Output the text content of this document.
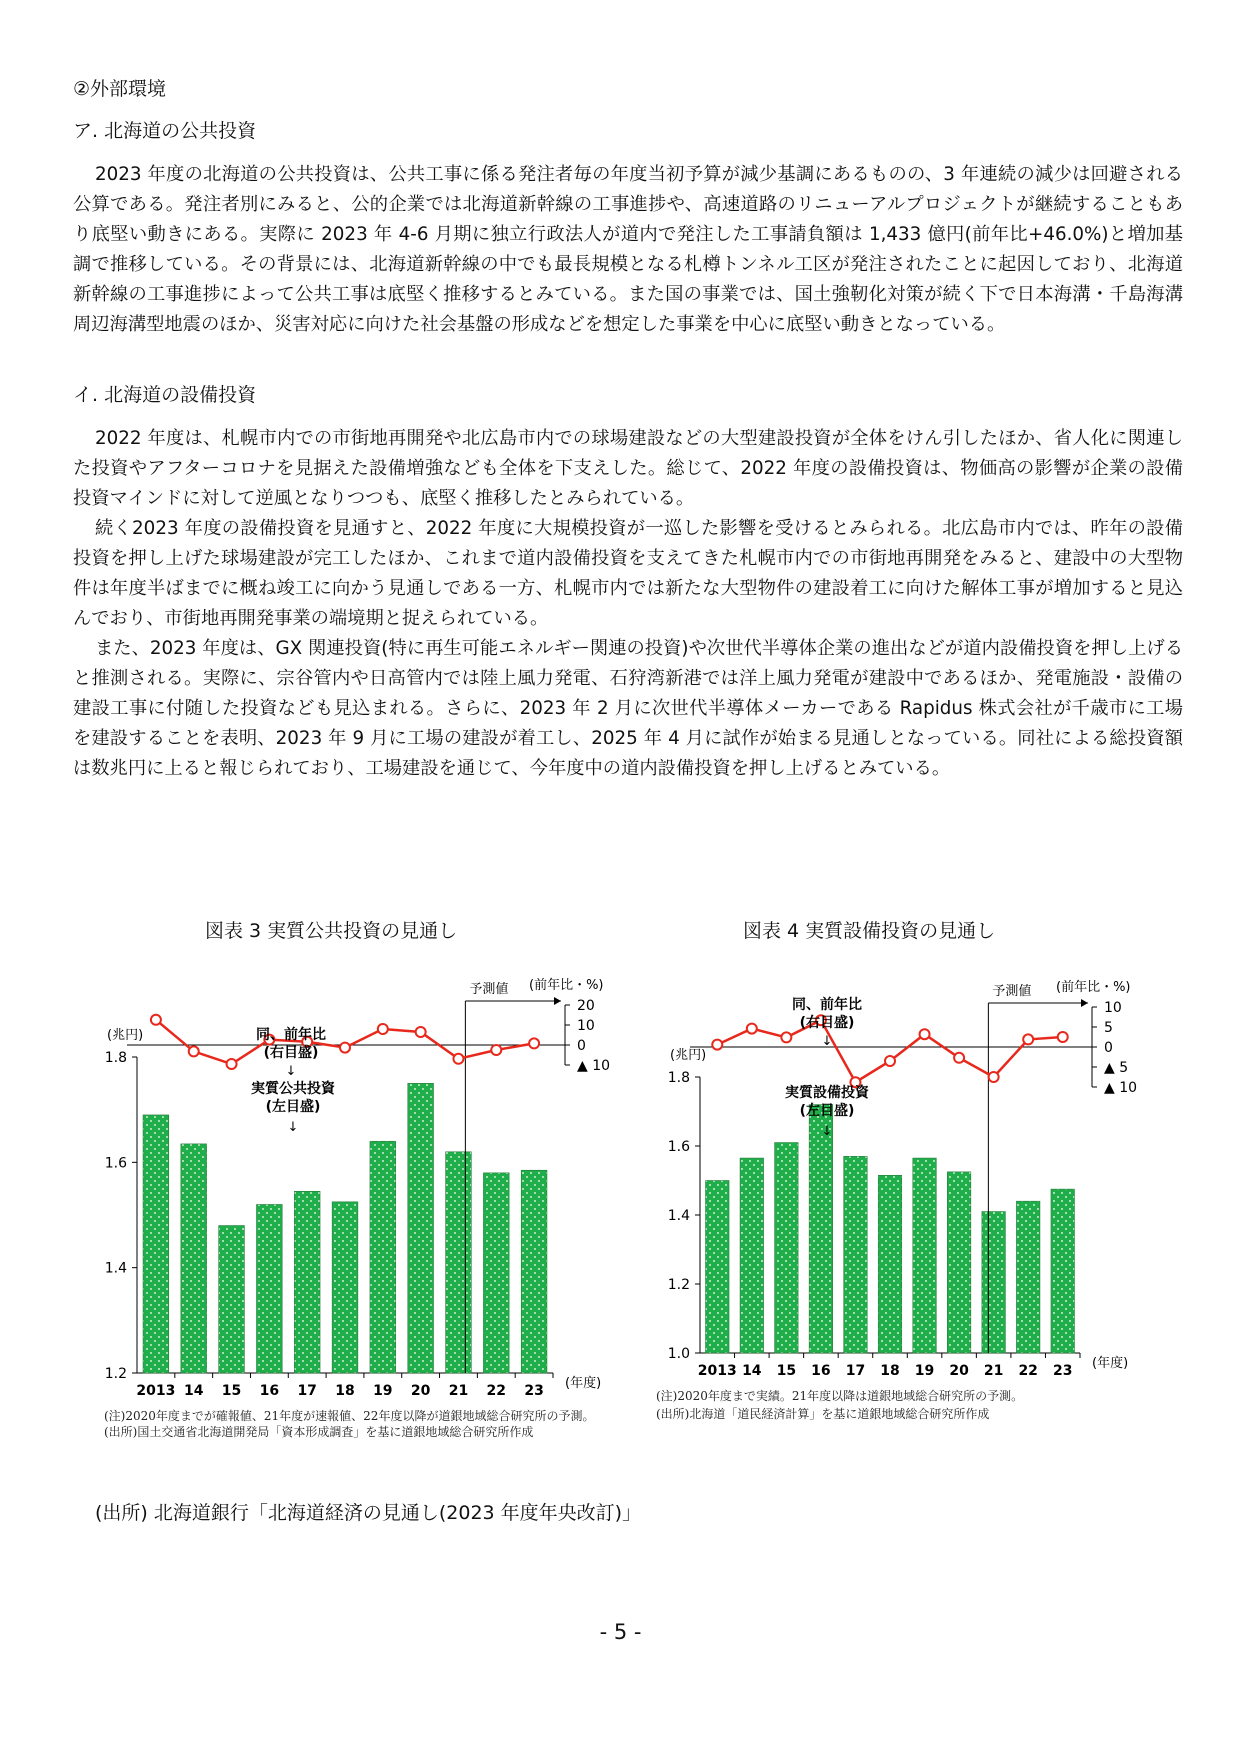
②外部環境
ア. 北海道の公共投資

2023 年度の北海道の公共投資は、公共工事に係る発注者毎の年度当初予算が減少基調にあるものの、3 年連続の減少は回避される公算である。発注者別にみると、公的企業では北海道新幹線の工事進捗や、高速道路のリニューアルプロジェクトが継続することもあり底堅い動きにある。実際に 2023 年 4-6 月期に独立行政法人が道内で発注した工事請負額は 1,433 億円(前年比+46.0%)と増加基調で推移している。その背景には、北海道新幹線の中でも最長規模となる札樽トンネル工区が発注されたことに起因しており、北海道新幹線の工事進捗によって公共工事は底堅く推移するとみている。また国の事業では、国土強靭化対策が続く下で日本海溝・千島海溝周辺海溝型地震のほか、災害対応に向けた社会基盤の形成などを想定した事業を中心に底堅い動きとなっている。

イ. 北海道の設備投資

2022 年度は、札幌市内での市街地再開発や北広島市内での球場建設などの大型建設投資が全体をけん引したほか、省人化に関連した投資やアフターコロナを見据えた設備増強なども全体を下支えした。総じて、2022 年度の設備投資は、物価高の影響が企業の設備投資マインドに対して逆風となりつつも、底堅く推移したとみられている。

続く2023 年度の設備投資を見通すと、2022 年度に大規模投資が一巡した影響を受けるとみられる。北広島市内では、昨年の設備投資を押し上げた球場建設が完工したほか、これまで道内設備投資を支えてきた札幌市内での市街地再開発をみると、建設中の大型物件は年度半ばまでに概ね竣工に向かう見通しである一方、札幌市内では新たな大型物件の建設着工に向けた解体工事が増加すると見込んでおり、市街地再開発事業の端境期と捉えられている。

また、2023 年度は、GX 関連投資(特に再生可能エネルギー関連の投資)や次世代半導体企業の進出などが道内設備投資を押し上げると推測される。実際に、宗谷管内や日高管内では陸上風力発電、石狩湾新港では洋上風力発電が建設中であるほか、発電施設・設備の建設工事に付随した投資なども見込まれる。さらに、2023 年 2 月に次世代半導体メーカーである Rapidus 株式会社が千歳市に工場を建設することを表明、2023 年 9 月に工場の建設が着工し、2025 年 4 月に試作が始まる見通しとなっている。同社による総投資額は数兆円に上ると報じられており、工場建設を通じて、今年度中の道内設備投資を押し上げるとみている。

図表 3 実質公共投資の見通し	図表 4 実質設備投資の見通し
1.2
1.4
1.6
1.8
(兆円)
2013 14 15 16 17 18 19 20 21 22 23 (年度)
20
10
0
▲ 10
(前年比・%)
予測値
同、前年比
(右目盛)
↓
実質公共投資
(左目盛)
↓
1.0
1.2
1.4
1.6
1.8
(兆円)
2013 14 15 16 17 18 19 20 21 22 23 (年度)
10
5
0
▲ 5
▲ 10
(前年比・%)
予測値
同、前年比
(右目盛)
↓
実質設備投資
(左目盛)
↓
(注)2020年度までが確報値、21年度が速報値、22年度以降が道銀地域総合研究所の予測。
(出所)国土交通省北海道開発局「資本形成調査」を基に道銀地域総合研究所作成
(注)2020年度まで実績。21年度以降は道銀地域総合研究所の予測。
(出所)北海道「道民経済計算」を基に道銀地域総合研究所作成
(出所) 北海道銀行「北海道経済の見通し(2023 年度年央改訂)」
- 5 -
